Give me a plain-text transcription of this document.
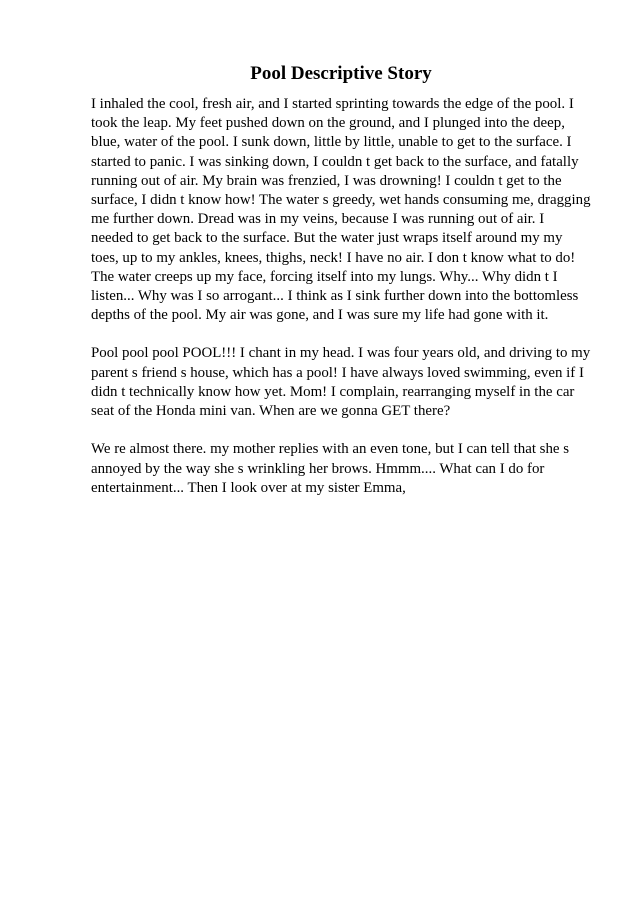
Pool Descriptive Story

I inhaled the cool, fresh air, and I started sprinting towards the edge of the pool. I
took the leap. My feet pushed down on the ground, and I plunged into the deep,
blue, water of the pool. I sunk down, little by little, unable to get to the surface. I
started to panic. I was sinking down, I couldn t get back to the surface, and fatally
running out of air. My brain was frenzied, I was drowning! I couldn t get to the
surface, I didn t know how! The water s greedy, wet hands consuming me, dragging
me further down. Dread was in my veins, because I was running out of air. I
needed to get back to the surface. But the water just wraps itself around my my
toes, up to my ankles, knees, thighs, neck! I have no air. I don t know what to do!
The water creeps up my face, forcing itself into my lungs. Why... Why didn t I
listen... Why was I so arrogant... I think as I sink further down into the bottomless
depths of the pool. My air was gone, and I was sure my life had gone with it.

Pool pool pool POOL!!! I chant in my head. I was four years old, and driving to my
parent s friend s house, which has a pool! I have always loved swimming, even if I
didn t technically know how yet. Mom! I complain, rearranging myself in the car
seat of the Honda mini van. When are we gonna GET there?

We re almost there. my mother replies with an even tone, but I can tell that she s
annoyed by the way she s wrinkling her brows. Hmmm.... What can I do for
entertainment... Then I look over at my sister Emma,
